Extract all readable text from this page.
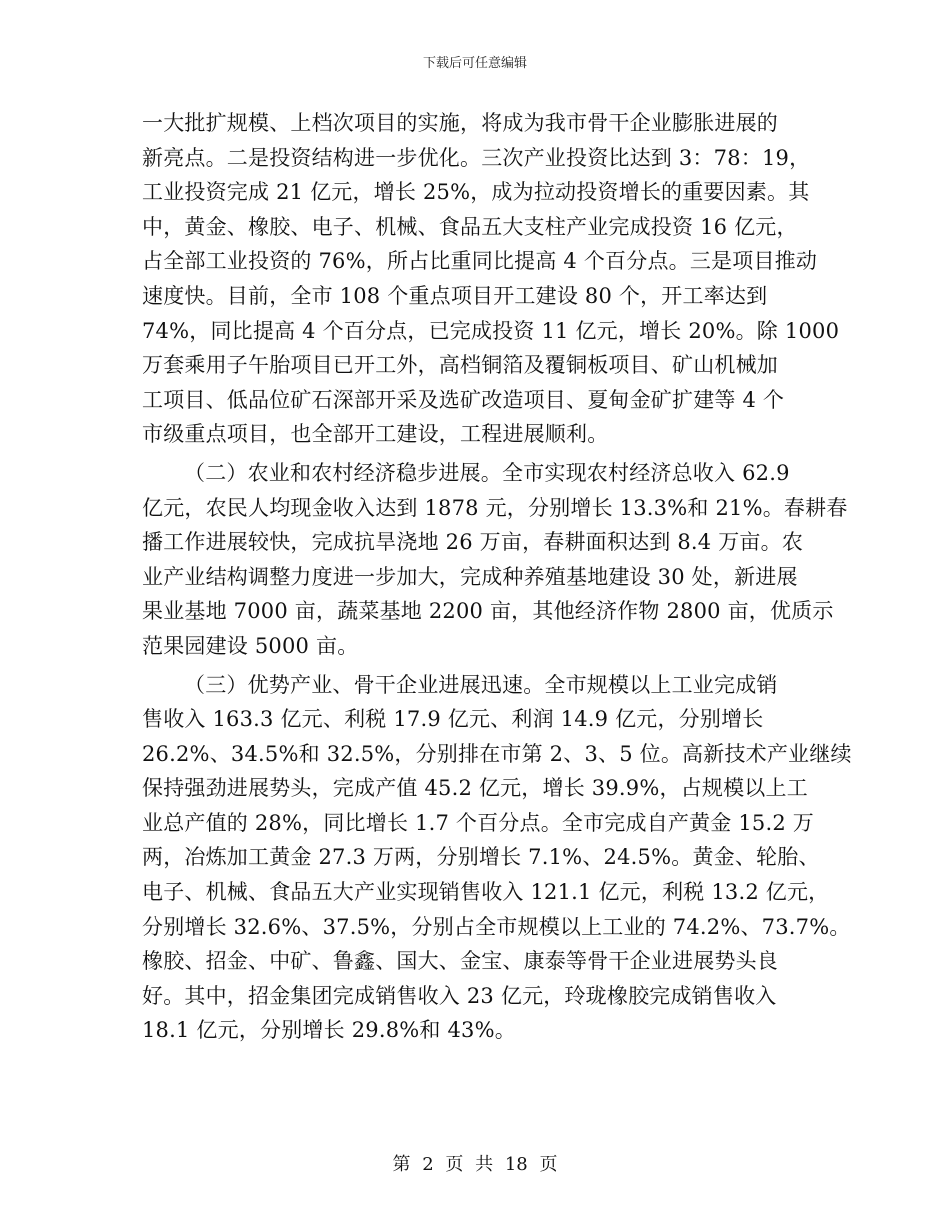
下载后可任意编辑
一大批扩规模、上档次项目的实施，将成为我市骨干企业膨胀进展的
新亮点。二是投资结构进一步优化。三次产业投资比达到 3：78：19，
工业投资完成 21 亿元，增长 25%，成为拉动投资增长的重要因素。其
中，黄金、橡胶、电子、机械、食品五大支柱产业完成投资 16 亿元，
占全部工业投资的 76%，所占比重同比提高 4 个百分点。三是项目推动
速度快。目前，全市 108 个重点项目开工建设 80 个，开工率达到
74%，同比提高 4 个百分点，已完成投资 11 亿元，增长 20%。除 1000
万套乘用子午胎项目已开工外，高档铜箔及覆铜板项目、矿山机械加
工项目、低品位矿石深部开采及选矿改造项目、夏甸金矿扩建等 4 个
市级重点项目，也全部开工建设，工程进展顺利。
（二）农业和农村经济稳步进展。全市实现农村经济总收入 62.9
亿元，农民人均现金收入达到 1878 元，分别增长 13.3%和 21%。春耕春
播工作进展较快，完成抗旱浇地 26 万亩，春耕面积达到 8.4 万亩。农
业产业结构调整力度进一步加大，完成种养殖基地建设 30 处，新进展
果业基地 7000 亩，蔬菜基地 2200 亩，其他经济作物 2800 亩，优质示
范果园建设 5000 亩。
（三）优势产业、骨干企业进展迅速。全市规模以上工业完成销
售收入 163.3 亿元、利税 17.9 亿元、利润 14.9 亿元，分别增长
26.2%、34.5%和 32.5%，分别排在市第 2、3、5 位。高新技术产业继续
保持强劲进展势头，完成产值 45.2 亿元，增长 39.9%，占规模以上工
业总产值的 28%，同比增长 1.7 个百分点。全市完成自产黄金 15.2 万
两，冶炼加工黄金 27.3 万两，分别增长 7.1%、24.5%。黄金、轮胎、
电子、机械、食品五大产业实现销售收入 121.1 亿元，利税 13.2 亿元，
分别增长 32.6%、37.5%，分别占全市规模以上工业的 74.2%、73.7%。
橡胶、招金、中矿、鲁鑫、国大、金宝、康泰等骨干企业进展势头良
好。其中，招金集团完成销售收入 23 亿元，玲珑橡胶完成销售收入
18.1 亿元，分别增长 29.8%和 43%。
第 2 页 共 18 页
